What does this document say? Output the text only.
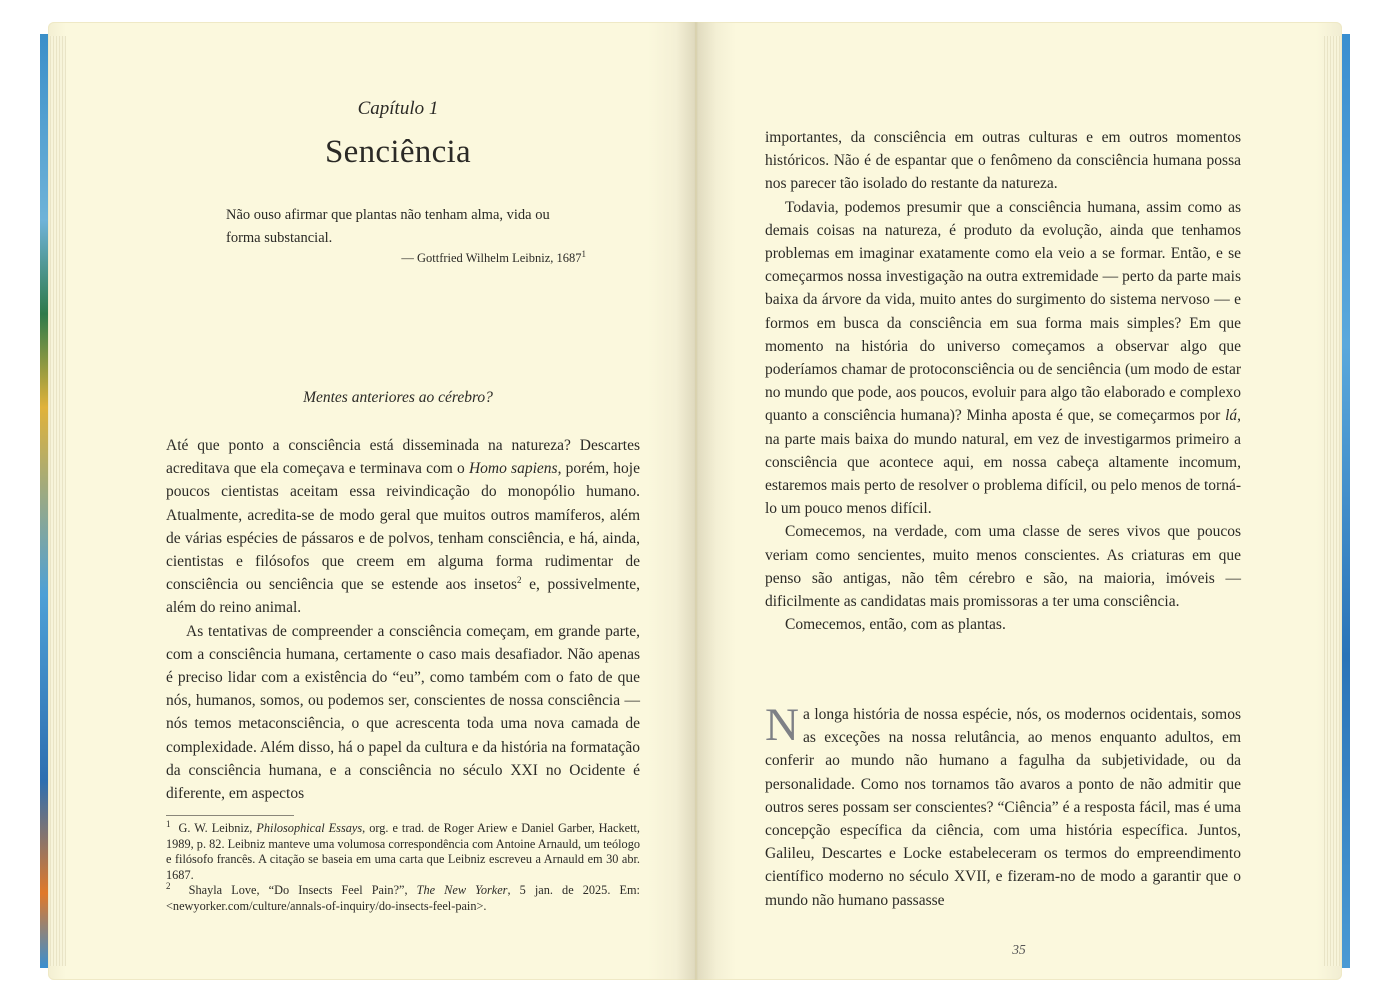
Capítulo 1
Senciência
Não ouso afirmar que plantas não tenham alma, vida ou forma substancial.
— Gottfried Wilhelm Leibniz, 1687$^1$
Mentes anteriores ao cérebro?

Até que ponto a consciência está disseminada na natureza? Descartes acreditava que ela começava e terminava com o Homo sapiens, porém, hoje poucos cientistas aceitam essa reivindicação do monopólio humano. Atualmente, acredita-se de modo geral que muitos outros mamíferos, além de várias espécies de pássaros e de polvos, tenham consciência, e há, ainda, cientistas e filósofos que creem em alguma forma rudimentar de consciência ou senciência que se estende aos insetos$^2$ e, possivelmente, além do reino animal.

As tentativas de compreender a consciência começam, em grande parte, com a consciência humana, certamente o caso mais desafiador. Não apenas é preciso lidar com a existência do “eu”, como também com o fato de que nós, humanos, somos, ou podemos ser, conscientes de nossa consciência — nós temos metaconsciência, o que acrescenta toda uma nova camada de complexidade. Além disso, há o papel da cultura e da história na formatação da consciência humana, e a consciência no século XXI no Ocidente é diferente, em aspectos

$^1$ G. W. Leibniz, Philosophical Essays, org. e trad. de Roger Ariew e Daniel Garber, Hackett, 1989, p. 82. Leibniz manteve uma volumosa correspondência com Antoine Arnauld, um teólogo e filósofo francês. A citação se baseia em uma carta que Leibniz escreveu a Arnauld em 30 abr. 1687.

$^2$ Shayla Love, “Do Insects Feel Pain?”, The New Yorker, 5 jan. de 2025. Em: <newyorker.com/culture/annals-of-inquiry/do-insects-feel-pain>.

importantes, da consciência em outras culturas e em outros momentos históricos. Não é de espantar que o fenômeno da consciência humana possa nos parecer tão isolado do restante da natureza.

Todavia, podemos presumir que a consciência humana, assim como as demais coisas na natureza, é produto da evolução, ainda que tenhamos problemas em imaginar exatamente como ela veio a se formar. Então, e se começarmos nossa investigação na outra extremidade — perto da parte mais baixa da árvore da vida, muito antes do surgimento do sistema nervoso — e formos em busca da consciência em sua forma mais simples? Em que momento na história do universo começamos a observar algo que poderíamos chamar de protoconsciência ou de senciência (um modo de estar no mundo que pode, aos poucos, evoluir para algo tão elaborado e complexo quanto a consciência humana)? Minha aposta é que, se começarmos por lá, na parte mais baixa do mundo natural, em vez de investigarmos primeiro a consciência que acontece aqui, em nossa cabeça altamente incomum, estaremos mais perto de resolver o problema difícil, ou pelo menos de torná-lo um pouco menos difícil.

Comecemos, na verdade, com uma classe de seres vivos que poucos veriam como sencientes, muito menos conscientes. As criaturas em que penso são antigas, não têm cérebro e são, na maioria, imóveis — dificilmente as candidatas mais promissoras a ter uma consciência.

Comecemos, então, com as plantas.

Na longa história de nossa espécie, nós, os modernos ocidentais, somos as exceções na nossa relutância, ao menos enquanto adultos, em conferir ao mundo não humano a fagulha da subjetividade, ou da personalidade. Como nos tornamos tão avaros a ponto de não admitir que outros seres possam ser conscientes? “Ciência” é a resposta fácil, mas é uma concepção específica da ciência, com uma história específica. Juntos, Galileu, Descartes e Locke estabeleceram os termos do empreendimento científico moderno no século XVII, e fizeram-no de modo a garantir que o mundo não humano passasse

35
